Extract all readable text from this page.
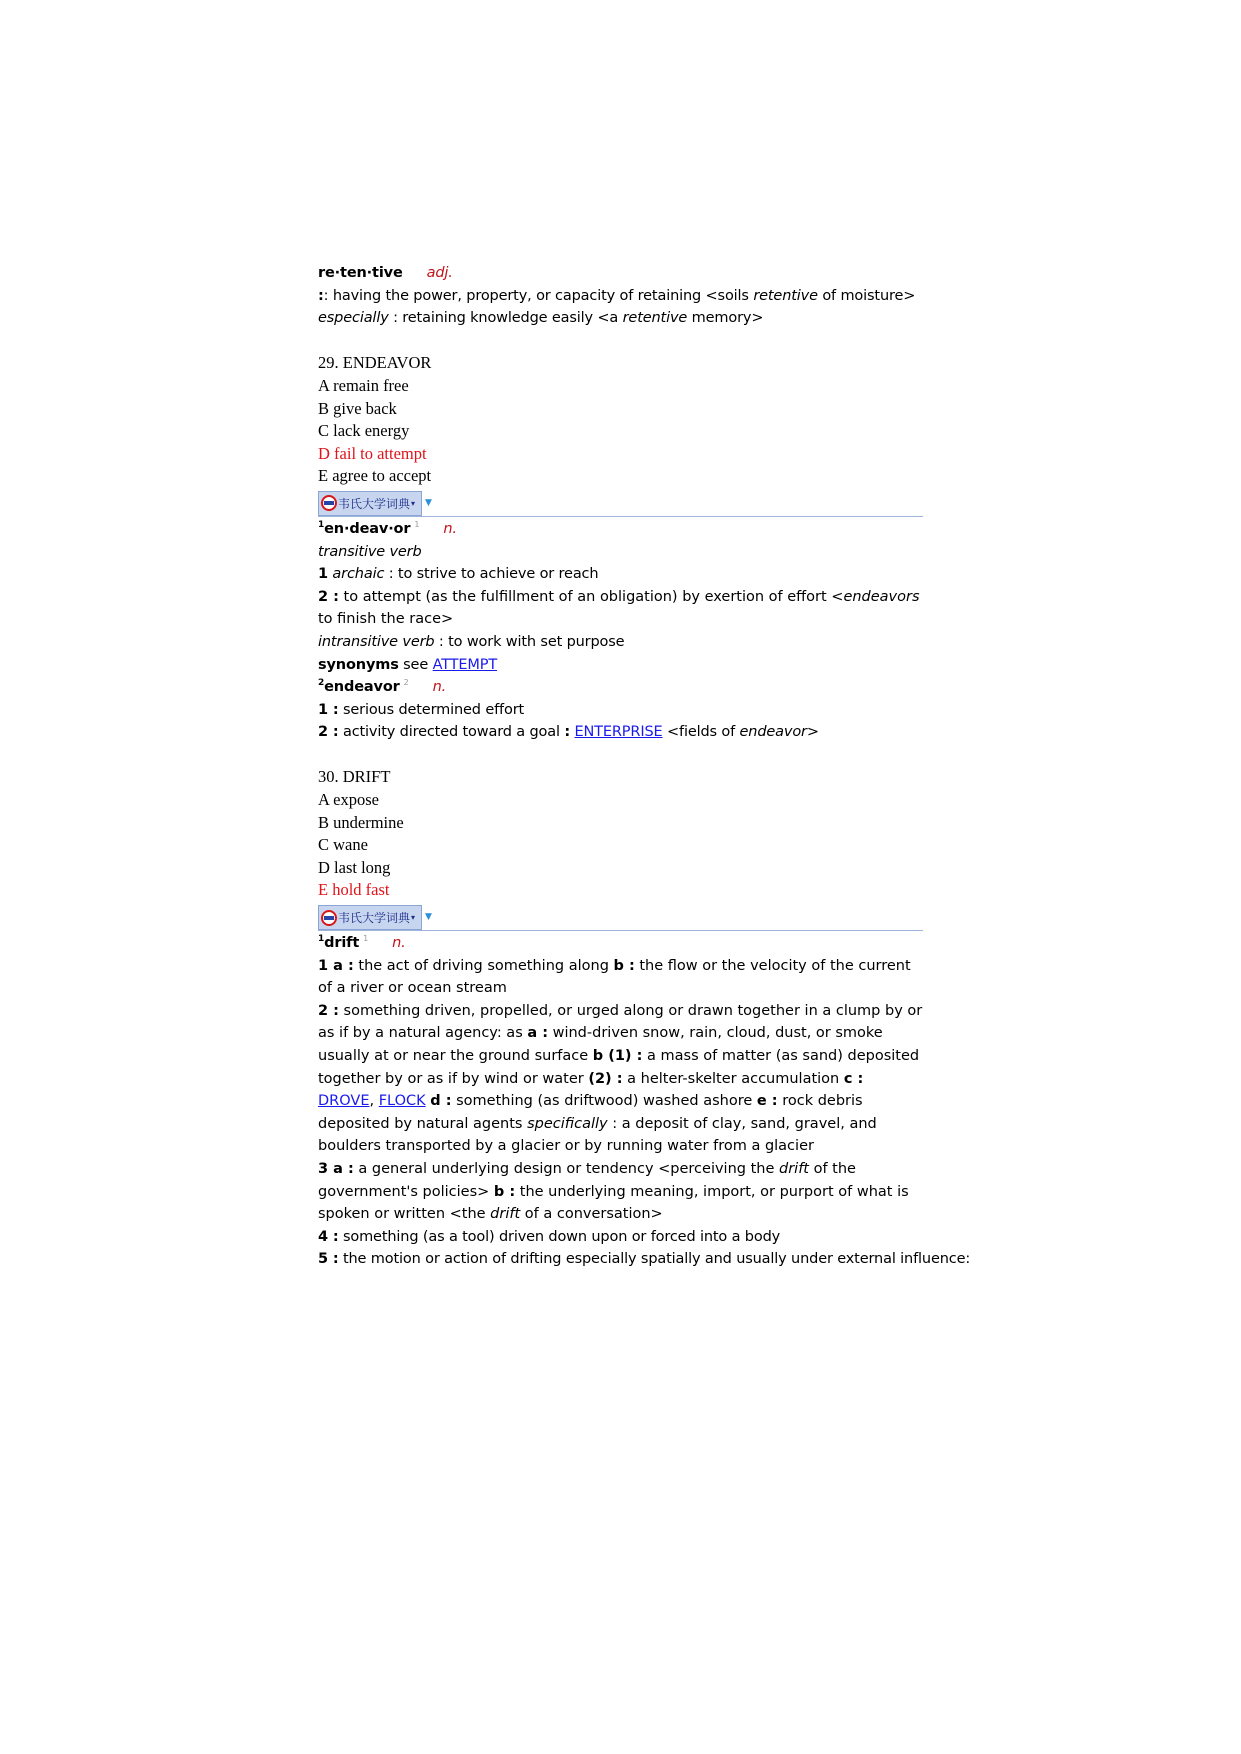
re·ten·tive adj.
:: having the power, property, or capacity of retaining <soils retentive of moisture>
especially : retaining knowledge easily <a retentive memory>
29. ENDEAVOR
A remain free
B give back
C lack energy
D fail to attempt
E agree to accept
韦氏大学词典 ▾ ▼
$^1$en·deav·or $^1$ n.
transitive verb
1 archaic : to strive to achieve or reach
2 : to attempt (as the fulfillment of an obligation) by exertion of effort <endeavors to finish the race>
intransitive verb : to work with set purpose
synonyms see ATTEMPT
$^2$endeavor $^2$ n.
1 : serious determined effort
2 : activity directed toward a goal : ENTERPRISE <fields of endeavor>
30. DRIFT
A expose
B undermine
C wane
D last long
E hold fast
韦氏大学词典 ▾ ▼
$^1$drift $^1$ n.
1 a : the act of driving something along b : the flow or the velocity of the current of a river or ocean stream
2 : something driven, propelled, or urged along or drawn together in a clump by or as if by a natural agency: as a : wind-driven snow, rain, cloud, dust, or smoke usually at or near the ground surface b (1) : a mass of matter (as sand) deposited together by or as if by wind or water (2) : a helter-skelter accumulation c : DROVE, FLOCK d : something (as driftwood) washed ashore e : rock debris deposited by natural agents specifically : a deposit of clay, sand, gravel, and boulders transported by a glacier or by running water from a glacier
3 a : a general underlying design or tendency <perceiving the drift of the government's policies> b : the underlying meaning, import, or purport of what is spoken or written <the drift of a conversation>
4 : something (as a tool) driven down upon or forced into a body
5 : the motion or action of drifting especially spatially and usually under external influence:
